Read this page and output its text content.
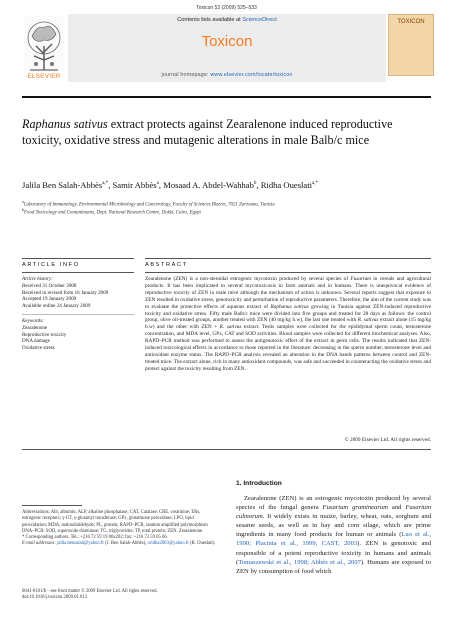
Toxicon 53 (2009) 525–533
ELSEVIER
Contents lists available at ScienceDirect
Toxicon
journal homepage: www.elsevier.com/locate/toxicon
TOXICON
Raphanus sativus extract protects against Zearalenone induced reproductive toxicity, oxidative stress and mutagenic alterations in male Balb/c mice
Jalila Ben Salah-Abbès$^{a,*}$, Samir Abbès$^a$, Mosaad A. Abdel-Wahhab$^b$, Ridha Oueslati$^{a,*}$
$^a$Laboratory of Immunology, Environmental Microbiology and Cancerology, Faculty of Sciences Bizerte, 7021 Zarzouna, Tunisia
$^b$Food Toxicology and Contaminants, Dept. National Research Centre, Dokki, Cairo, Egypt
ARTICLE INFO	ABSTRACT
Article history:
Received 31 October 2008
Received in revised form 16 January 2009
Accepted 19 January 2009
Available online 24 January 2009
Keywords:
Zearalenone
Reproductive toxicity
DNA damage
Oxidative stress
Zearalenone (ZEN) is a non-steroidal estrogenic mycotoxin produced by several species of Fusarium in cereals and agricultural products. It has been implicated in several mycotoxicosis in farm animals and in humans. There is unequivocal evidence of reproductive toxicity of ZEN in male mice although the mechanism of action is unknown. Several reports suggest that exposure to ZEN resulted in oxidative stress, genotoxicity and perturbation of reproductive parameters. Therefore, the aim of the current study was to evaluate the protective effects of aqueous extract of Raphanus sativus growing in Tunisia against ZEN-induced reproductive toxicity and oxidative stress. Fifty male Balb/c mice were divided into five groups and treated for 28 days as follows: the control group, olive oil-treated groups, another treated with ZEN (40 mg/kg b.w), the last one treated with R. sativus extract alone (15 mg/kg b.w) and the other with ZEN + R. sativus extract. Testis samples were collected for the epididymal sperm count, testosterone concentration, and MDA level, GPx, CAT and SOD activities. Blood samples were collected for different biochemical analyses. Also, RAPD–PCR method was performed to assess the antigenotoxic effect of the extract in germ cells. The results indicated that ZEN-induced toxicological effects in accordance to those reported in the literature: decreasing in the sperm number, testosterone level and antioxidant enzyme status. The RAPD–PCR analysis revealed an alteration in the DNA bands patterns between control and ZEN-treated mice. The extract alone, rich in many antioxidant compounds, was safe and succeeded in counteracting the oxidative stress and protect against the toxicity resulting from ZEN.
© 2009 Elsevier Ltd. All rights reserved.
1. Introduction
Zearalenone (ZEN) is an estrogenic mycotoxin produced by several species of the fungal genera Fusarium graminearum and Fusarium culmorum. It widely exists in maize, barley, wheat, oats, sorghum and sesame seeds, as well as in hay and corn silage, which are prime ingredients in many food products for human or animals (Luo et al., 1990; Placinta et al., 1999; CAST, 2003). ZEN is genotoxic and responsible of a potent reproductive toxicity in humans and animals (Tomaszewski et al., 1998; Abbès et al., 2007). Humans are exposed to ZEN by consumption of food which
Abbreviations: Alb, albumin; ALP, alkaline phosphatase; CAT, Catalase; CRE, creatinine; ERs, estrogenic receptors; γ-GT, γ-glutamyl transferase; GPx, glutathione peroxidase; LPO, lipid peroxidation; MDA, malondialdehyde; PL, protein; RAPD–PCR, random amplified polymorphism DNA–PCR; SOD, superoxide dismutase; TG, triglycerides; TP, total protein; ZEN, Zearalenone.
* Corresponding authors. Tel.: +216 72 59 19 06x202; fax: +216 72 59 05 66.
E-mail addresses: jalila.bensalah@yahoo.fr (J. Ben Salah-Abbès), oridha2003@yahoo.fr (R. Oueslati).
0041-0101/$ – see front matter © 2009 Elsevier Ltd. All rights reserved.
doi:10.1016/j.toxicon.2009.01.013
